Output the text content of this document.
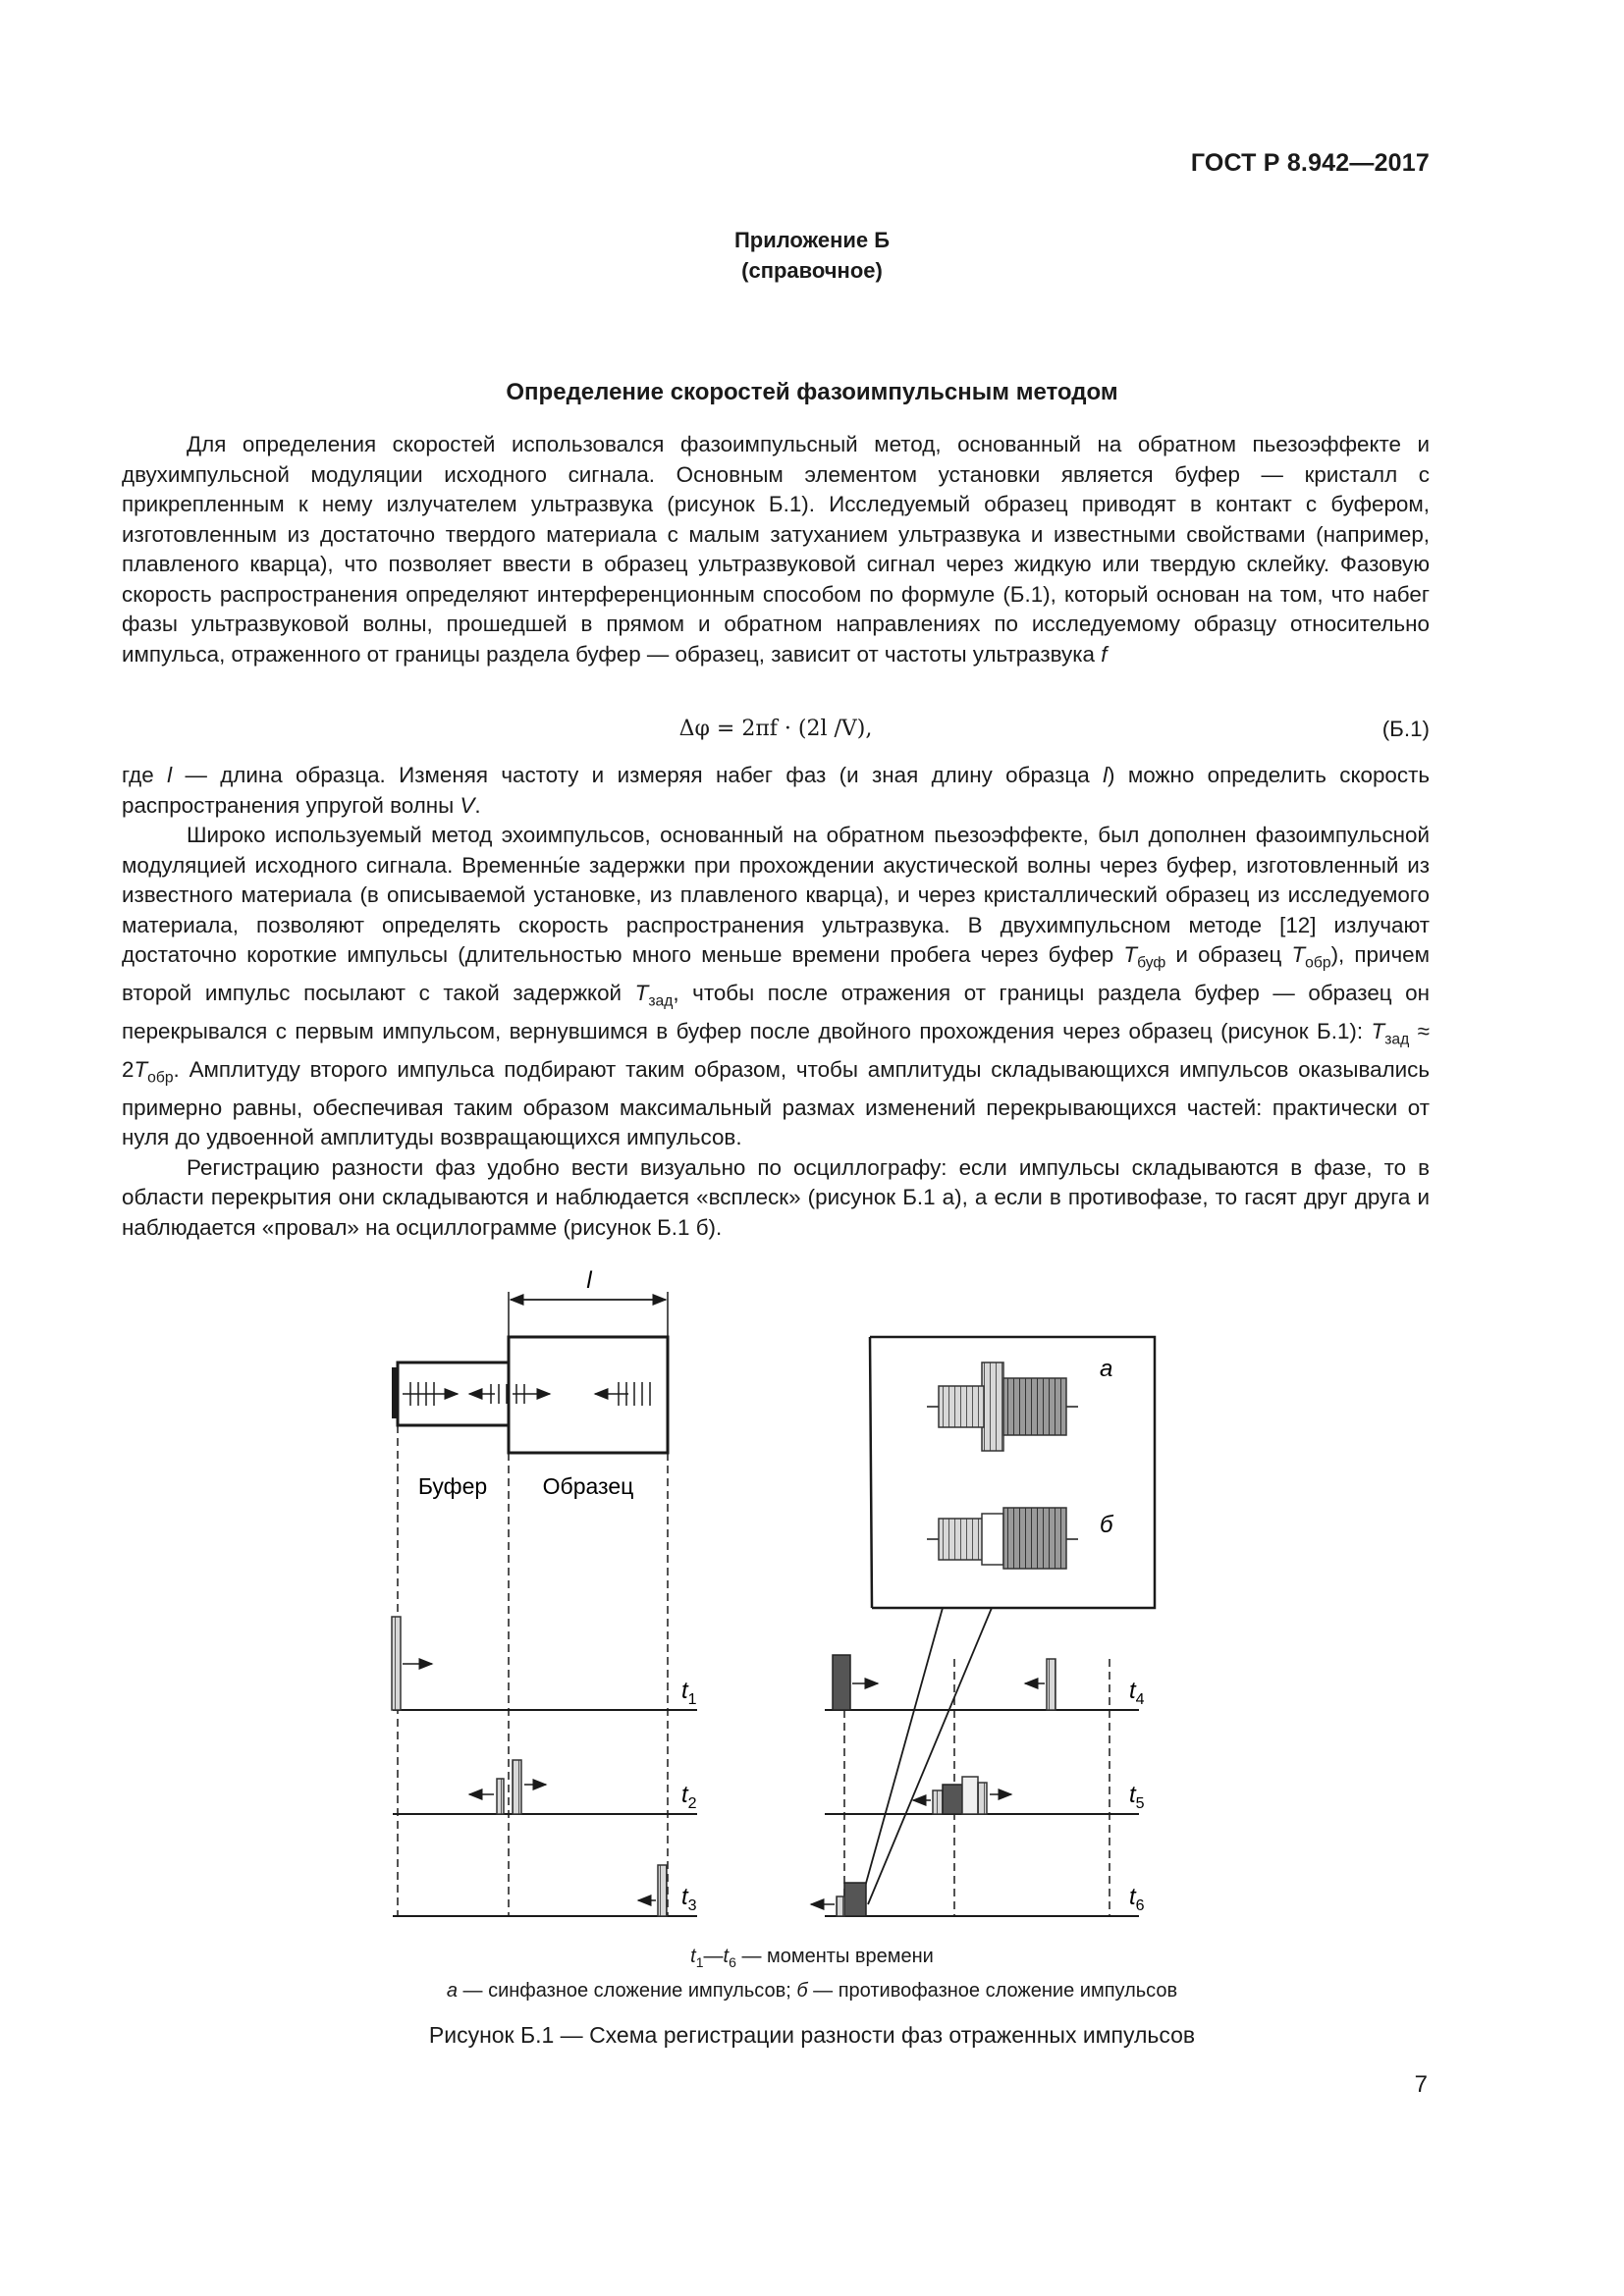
ГОСТ Р 8.942—2017
Приложение Б
(справочное)
Определение скоростей фазоимпульсным методом

Для определения скоростей использовался фазоимпульсный метод, основанный на обратном пьезоэффекте и двухимпульсной модуляции исходного сигнала. Основным элементом установки является буфер — кристалл с прикрепленным к нему излучателем ультразвука (рисунок Б.1). Исследуемый образец приводят в контакт с буфером, изготовленным из достаточно твердого материала с малым затуханием ультразвука и известными свойствами (например, плавленого кварца), что позволяет ввести в образец ультразвуковой сигнал через жидкую или твердую склейку. Фазовую скорость распространения определяют интерференционным способом по формуле (Б.1), который основан на том, что набег фазы ультразвуковой волны, прошедшей в прямом и обратном направлениях по исследуемому образцу относительно импульса, отраженного от границы раздела буфер — образец, зависит от частоты ультразвука f

Δφ = 2πf · (2l /V),	(Б.1)

где l — длина образца. Изменяя частоту и измеряя набег фаз (и зная длину образца l) можно определить скорость распространения упругой волны V.

Широко используемый метод эхоимпульсов, основанный на обратном пьезоэффекте, был дополнен фазоимпульсной модуляцией исходного сигнала. Временны́е задержки при прохождении акустической волны через буфер, изготовленный из известного материала (в описываемой установке, из плавленого кварца), и через кристаллический образец из исследуемого материала, позволяют определять скорость распространения ультразвука. В двухимпульсном методе [12] излучают достаточно короткие импульсы (длительностью много меньше времени пробега через буфер $T_{буф}$ и образец $T_{обр}$), причем второй импульс посылают с такой задержкой $T_{зад}$, чтобы после отражения от границы раздела буфер — образец он перекрывался с первым импульсом, вернувшимся в буфер после двойного прохождения через образец (рисунок Б.1): $T_{зад} \approx 2T_{обр}$. Амплитуду второго импульса подбирают таким образом, чтобы амплитуды складывающихся импульсов оказывались примерно равны, обеспечивая таким образом максимальный размах изменений перекрывающихся частей: практически от нуля до удвоенной амплитуды возвращающихся импульсов.

Регистрацию разности фаз удобно вести визуально по осциллографу: если импульсы складываются в фазе, то в области перекрытия они складываются и наблюдается «всплеск» (рисунок Б.1 а), а если в противофазе, то гасят друг друга и наблюдается «провал» на осциллограмме (рисунок Б.1 б).

l
Буфер Образец
$t_1$
$t_2$
$t_3$
а
б
$t_4$
$t_5$
$t_6$
$t_1—t_6$ — моменты времени
а — синфазное сложение импульсов; б — противофазное сложение импульсов
Рисунок Б.1 — Схема регистрации разности фаз отраженных импульсов
7
